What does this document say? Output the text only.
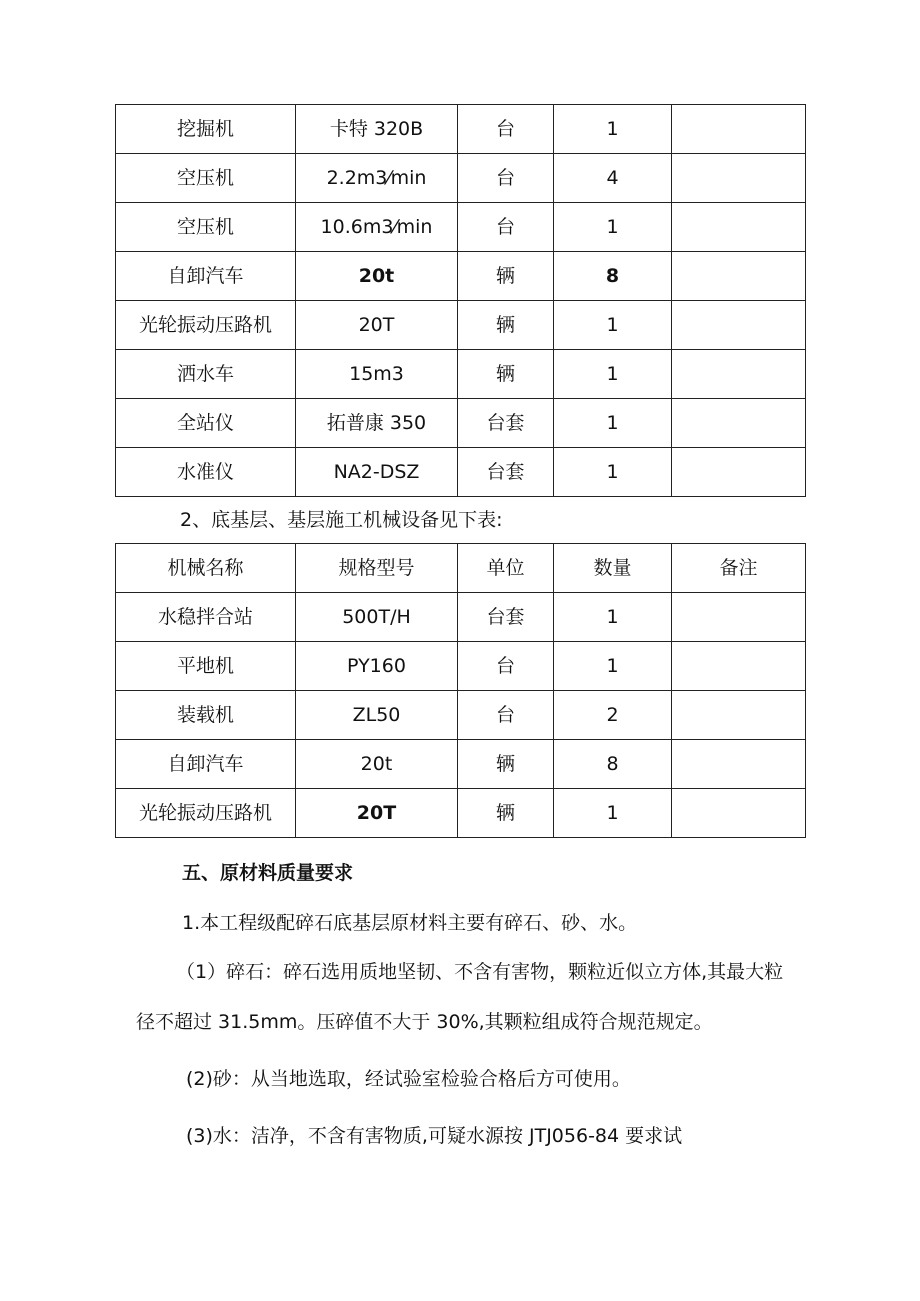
挖掘机	卡特 320B	台	1	
空压机	2.2m3⁄min	台	4	
空压机	10.6m3⁄min	台	1	
自卸汽车	20t	辆	8	
光轮振动压路机	20T	辆	1	
洒水车	15m3	辆	1	
全站仪	拓普康 350	台套	1	
水准仪	NA2-DSZ	台套	1	

2、底基层、基层施工机械设备见下表:

机械名称	规格型号	单位	数量	备注
水稳拌合站	500T/H	台套	1	
平地机	PY160	台	1	
装载机	ZL50	台	2	
自卸汽车	20t	辆	8	
光轮振动压路机	20T	辆	1	

五、原材料质量要求

1.本工程级配碎石底基层原材料主要有碎石、砂、水。

（1）碎石：碎石选用质地坚韧、不含有害物，颗粒近似立方体,其最大粒

径不超过 31.5mm。压碎值不大于 30%,其颗粒组成符合规范规定。

(2)砂：从当地选取，经试验室检验合格后方可使用。

(3)水：洁净，不含有害物质,可疑水源按 JTJ056-84 要求试
